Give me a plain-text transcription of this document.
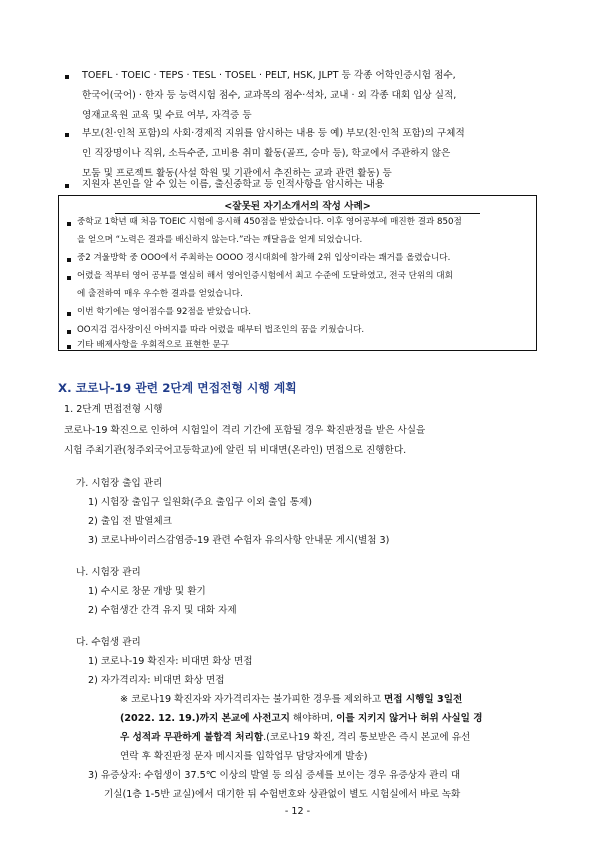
TOEFL · TOEIC · TEPS · TESL · TOSEL · PELT, HSK, JLPT 등 각종 어학인증시험 점수,
한국어(국어) · 한자 등 능력시험 점수, 교과목의 점수·석차, 교내 · 외 각종 대회 입상 실적,
영재교육원 교육 및 수료 여부, 자격증 등
부모(친·인척 포함)의 사회·경제적 지위를 암시하는 내용 등 예) 부모(친·인척 포함)의 구체적
인 직장명이나 직위, 소득수준, 고비용 취미 활동(골프, 승마 등), 학교에서 주관하지 않은
모둠 및 프로젝트 활동(사설 학원 및 기관에서 추진하는 교과 관련 활동) 등
지원자 본인을 알 수 있는 이름, 출신중학교 등 인적사항을 암시하는 내용
<잘못된 자기소개서의 작성 사례>
중학교 1학년 때 처음 TOEIC 시험에 응시해 450점을 받았습니다. 이후 영어공부에 매진한 결과 850점
을 얻으며 “노력은 결과를 배신하지 않는다.”라는 깨달음을 얻게 되었습니다.
중2 겨울방학 중 OOO에서 주최하는 OOOO 경시대회에 참가해 2위 입상이라는 쾌거를 올렸습니다.
어렸을 적부터 영어 공부를 열심히 해서 영어인증시험에서 최고 수준에 도달하였고, 전국 단위의 대회
에 출전하여 매우 우수한 결과를 얻었습니다.
이번 학기에는 영어점수를 92점을 받았습니다.
OO지검 검사장이신 아버지를 따라 어렸을 때부터 법조인의 꿈을 키웠습니다.
기타 배제사항을 우회적으로 표현한 문구
X. 코로나-19 관련 2단계 면접전형 시행 계획
1. 2단계 면접전형 시행
코로나-19 확진으로 인하여 시험일이 격리 기간에 포함될 경우 확진판정을 받은 사실을
시험 주최기관(청주외국어고등학교)에 알린 뒤 비대면(온라인) 면접으로 진행한다.
가. 시험장 출입 관리
1) 시험장 출입구 일원화(주요 출입구 이외 출입 통제)
2) 출입 전 발열체크
3) 코로나바이러스감염증-19 관련 수험자 유의사항 안내문 게시(별첨 3)
나. 시험장 관리
1) 수시로 창문 개방 및 환기
2) 수험생간 간격 유지 및 대화 자제
다. 수험생 관리
1) 코로나-19 확진자: 비대면 화상 면접
2) 자가격리자: 비대면 화상 면접
※ 코로나19 확진자와 자가격리자는 불가피한 경우를 제외하고 면접 시행일 3일전
(2022. 12. 19.)까지 본교에 사전고지 해야하며, 이를 지키지 않거나 허위 사실일 경
우 성적과 무관하게 불합격 처리함.(코로나19 확진, 격리 통보받은 즉시 본교에 유선
연락 후 확진판정 문자 메시지를 입학업무 담당자에게 발송)
3) 유증상자: 수험생이 37.5℃ 이상의 발열 등 의심 증세를 보이는 경우 유증상자 관리 대
기실(1층 1-5반 교실)에서 대기한 뒤 수험번호와 상관없이 별도 시험실에서 바로 녹화
- 12 -
